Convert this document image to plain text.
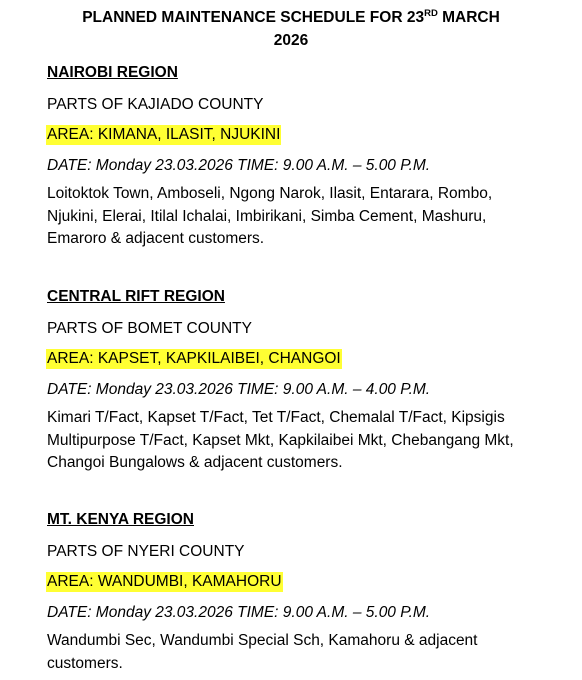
PLANNED MAINTENANCE SCHEDULE FOR 23RD MARCH
2026
NAIROBI REGION
PARTS OF KAJIADO COUNTY
AREA: KIMANA, ILASIT, NJUKINI
DATE: Monday 23.03.2026 TIME: 9.00 A.M. – 5.00 P.M.
Loitoktok Town, Amboseli, Ngong Narok, Ilasit, Entarara, Rombo, Njukini, Elerai, Itilal Ichalai, Imbirikani, Simba Cement, Mashuru, Emaroro & adjacent customers.
CENTRAL RIFT REGION
PARTS OF BOMET COUNTY
AREA: KAPSET, KAPKILAIBEI, CHANGOI
DATE: Monday 23.03.2026 TIME: 9.00 A.M. – 4.00 P.M.
Kimari T/Fact, Kapset T/Fact, Tet T/Fact, Chemalal T/Fact, Kipsigis Multipurpose T/Fact, Kapset Mkt, Kapkilaibei Mkt, Chebangang Mkt, Changoi Bungalows & adjacent customers.
MT. KENYA REGION
PARTS OF NYERI COUNTY
AREA: WANDUMBI, KAMAHORU
DATE: Monday 23.03.2026 TIME: 9.00 A.M. – 5.00 P.M.
Wandumbi Sec, Wandumbi Special Sch, Kamahoru & adjacent customers.
